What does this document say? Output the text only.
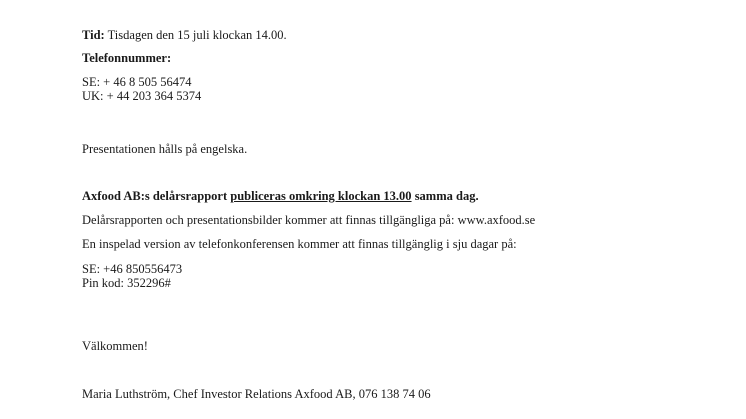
Tid: Tisdagen den 15 juli klockan 14.00.
Telefonnummer:
SE: + 46 8 505 56474
UK: + 44 203 364 5374
Presentationen hålls på engelska.
Axfood AB:s delårsrapport publiceras omkring klockan 13.00 samma dag.
Delårsrapporten och presentationsbilder kommer att finnas tillgängliga på: www.axfood.se
En inspelad version av telefonkonferensen kommer att finnas tillgänglig i sju dagar på:
SE: +46 850556473
Pin kod: 352296#
Välkommen!
Maria Luthström, Chef Investor Relations Axfood AB, 076 138 74 06
